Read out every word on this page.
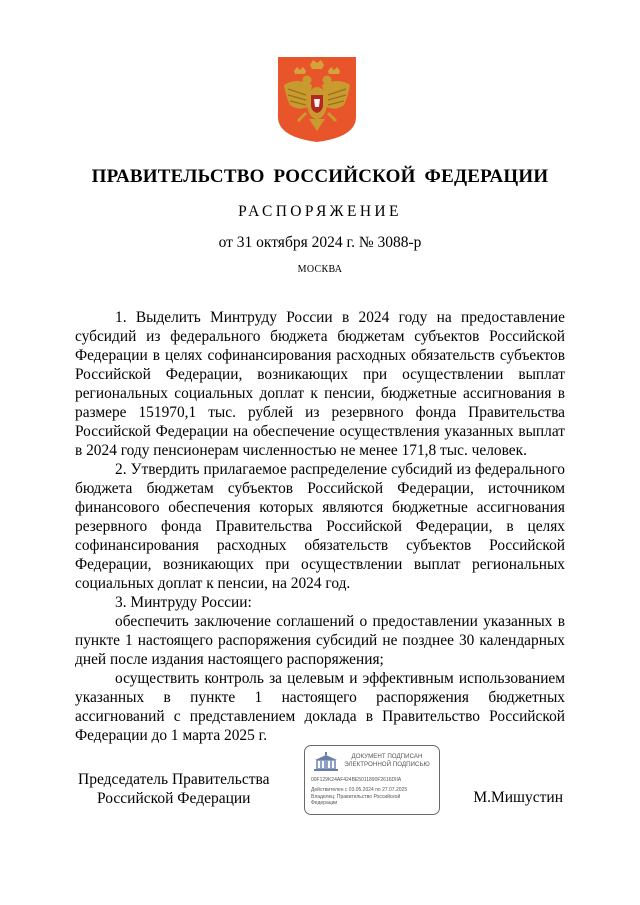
ПРАВИТЕЛЬСТВО РОССИЙСКОЙ ФЕДЕРАЦИИ
РАСПОРЯЖЕНИЕ
от 31 октября 2024 г. № 3088-р
МОСКВА

1. Выделить Минтруду России в 2024 году на предоставление субсидий из федерального бюджета бюджетам субъектов Российской Федерации в целях софинансирования расходных обязательств субъектов Российской Федерации, возникающих при осуществлении выплат региональных социальных доплат к пенсии, бюджетные ассигнования в размере 151970,1 тыс. рублей из резервного фонда Правительства Российской Федерации на обеспечение осуществления указанных выплат в 2024 году пенсионерам численностью не менее 171,8 тыс. человек.

2. Утвердить прилагаемое распределение субсидий из федерального бюджета бюджетам субъектов Российской Федерации, источником финансового обеспечения которых являются бюджетные ассигнования резервного фонда Правительства Российской Федерации, в целях софинансирования расходных обязательств субъектов Российской Федерации, возникающих при осуществлении выплат региональных социальных доплат к пенсии, на 2024 год.

3. Минтруду России:

обеспечить заключение соглашений о предоставлении указанных в пункте 1 настоящего распоряжения субсидий не позднее 30 календарных дней после издания настоящего распоряжения;

осуществить контроль за целевым и эффективным использованием указанных в пункте 1 настоящего распоряжения бюджетных ассигнований с представлением доклада в Правительство Российской Федерации до 1 марта 2025 г.

Председатель Правительства
Российской Федерации
ДОКУМЕНТ ПОДПИСАН
ЭЛЕКТРОННОЙ ПОДПИСЬЮ
00F129K24AF424BE5011890F2616DIIA
Действителен с 03.05.2024 по 27.07.2025
Владелец: Правительство Российской
Федерации	М.Мишустин
